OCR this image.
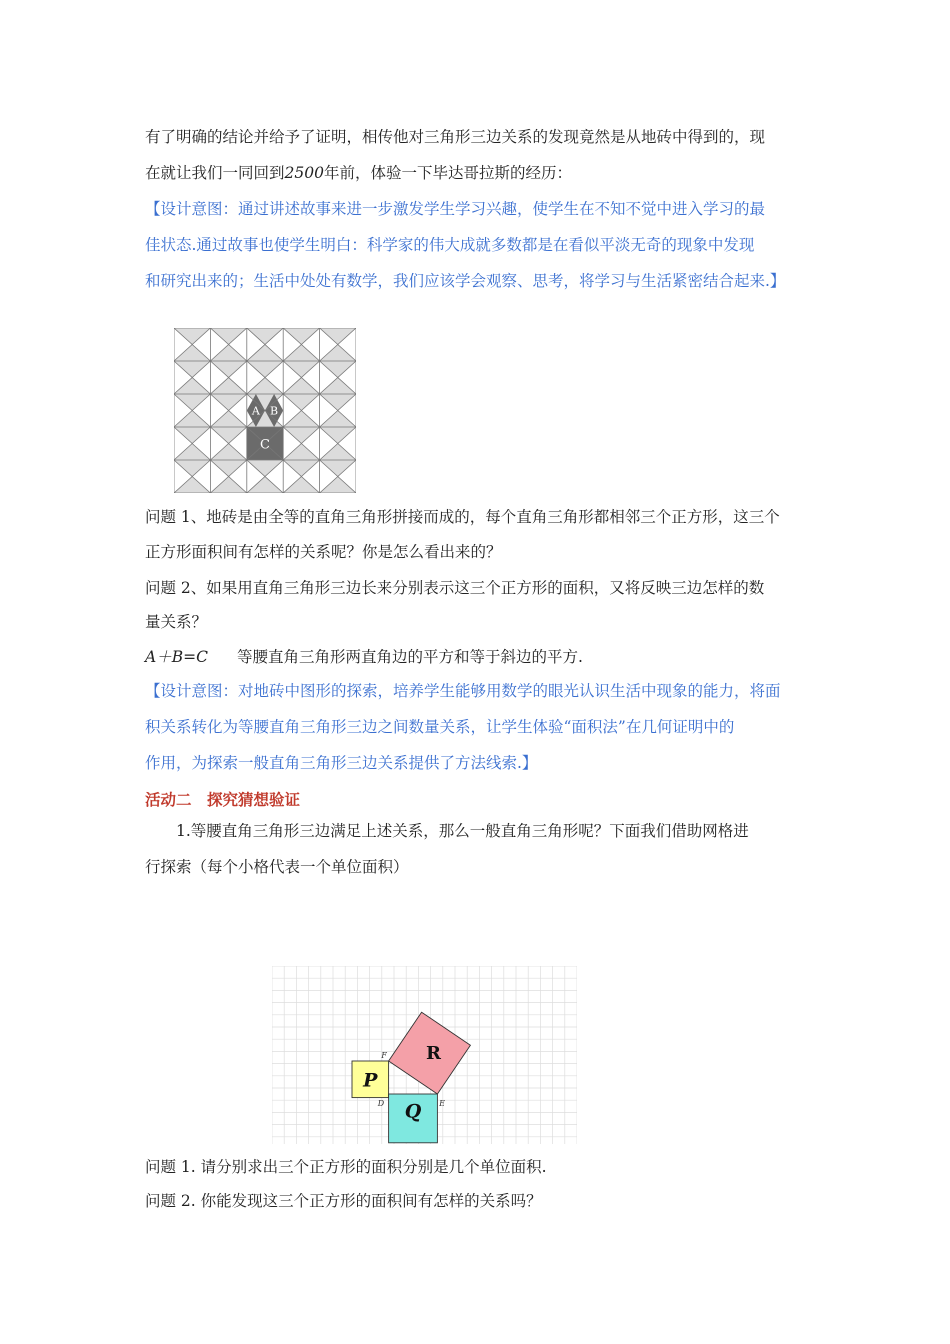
有了明确的结论并给予了证明，相传他对三角形三边关系的发现竟然是从地砖中得到的，现
在就让我们一同回到2500年前，体验一下毕达哥拉斯的经历：
【设计意图：通过讲述故事来进一步激发学生学习兴趣，使学生在不知不觉中进入学习的最
佳状态.通过故事也使学生明白：科学家的伟大成就多数都是在看似平淡无奇的现象中发现
和研究出来的；生活中处处有数学，我们应该学会观察、思考，将学习与生活紧密结合起来.】
A B
C
问题 1、地砖是由全等的直角三角形拼接而成的，每个直角三角形都相邻三个正方形，这三个
正方形面积间有怎样的关系呢？你是怎么看出来的？
问题 2、如果用直角三角形三边长来分别表示这三个正方形的面积，又将反映三边怎样的数
量关系？
A＋B=C 等腰直角三角形两直角边的平方和等于斜边的平方.
【设计意图：对地砖中图形的探索，培养学生能够用数学的眼光认识生活中现象的能力，将面
积关系转化为等腰直角三角形三边之间数量关系，让学生体验“面积法”在几何证明中的
作用，为探索一般直角三角形三边关系提供了方法线索.】
活动二　探究猜想验证
1.等腰直角三角形三边满足上述关系，那么一般直角三角形呢？下面我们借助网格进
行探索（每个小格代表一个单位面积）
P
Q
R
F
D	E
问题 1. 请分别求出三个正方形的面积分别是几个单位面积.
问题 2. 你能发现这三个正方形的面积间有怎样的关系吗？
